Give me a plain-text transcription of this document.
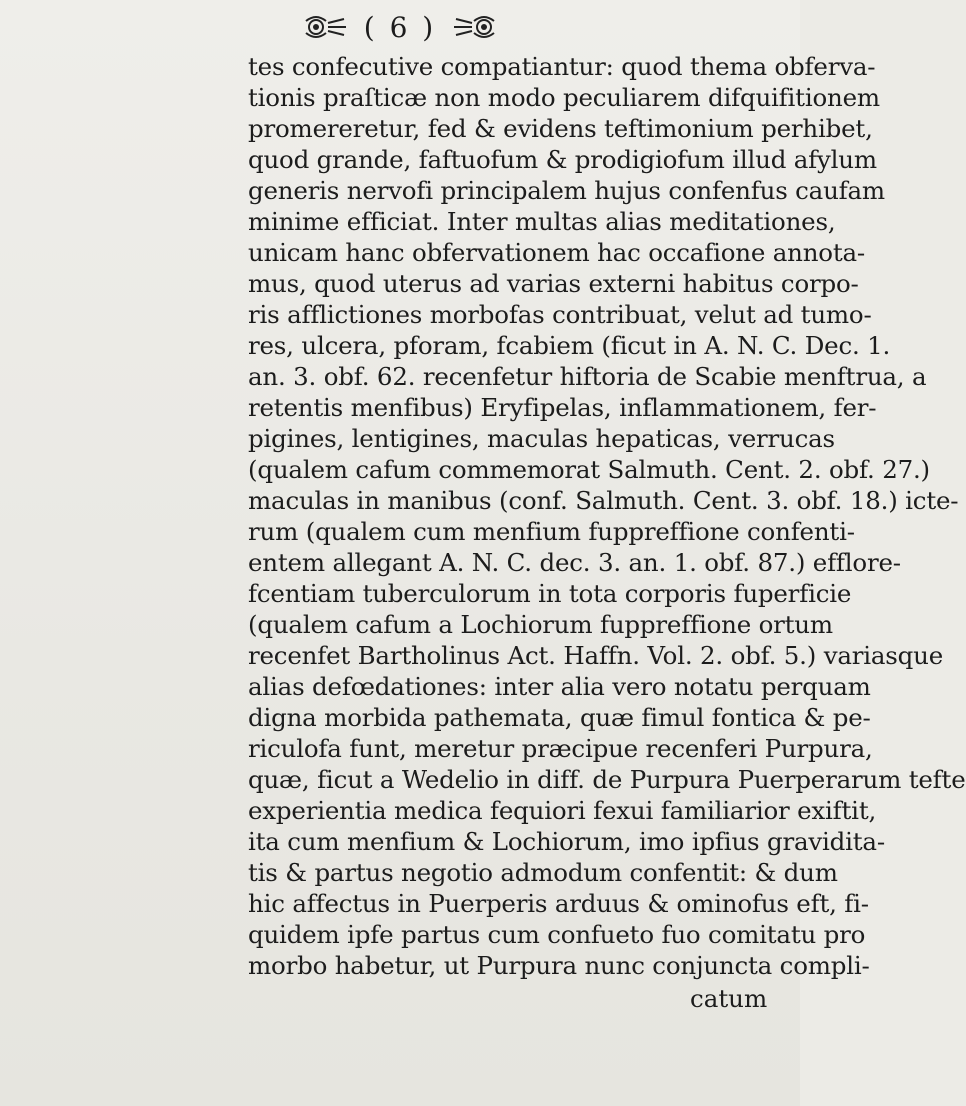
( 6 )
tes confecutive compatiantur: quod thema obferva-
tionis praſticæ non modo peculiarem difquifitionem
promereretur, fed & evidens teftimonium perhibet,
quod grande, faftuofum & prodigiofum illud afylum
generis nervofi principalem hujus confenfus caufam
minime efficiat. Inter multas alias meditationes,
unicam hanc obfervationem hac occafione annota-
mus, quod uterus ad varias externi habitus corpo-
ris afflictiones morbofas contribuat, velut ad tumo-
res, ulcera, pforam, fcabiem (ficut in A. N. C. Dec. 1.
an. 3. obf. 62. recenfetur hiftoria de Scabie menftrua, a
retentis menfibus) Eryfipelas, inflammationem, fer-
pigines, lentigines, maculas hepaticas, verrucas
(qualem cafum commemorat Salmuth. Cent. 2. obf. 27.)
maculas in manibus (conf. Salmuth. Cent. 3. obf. 18.) icte-
rum (qualem cum menfium fuppreffione confenti-
entem allegant A. N. C. dec. 3. an. 1. obf. 87.) efflore-
fcentiam tuberculorum in tota corporis fuperficie
(qualem cafum a Lochiorum fuppreffione ortum
recenfet Bartholinus Act. Haffn. Vol. 2. obf. 5.) variasque
alias defœdationes: inter alia vero notatu perquam
digna morbida pathemata, quæ fimul fontica & pe-
riculofa funt, meretur præcipue recenferi Purpura,
quæ, ficut a Wedelio in diff. de Purpura Puerperarum tefte
experientia medica fequiori fexui familiarior exiftit,
ita cum menfium & Lochiorum, imo ipfius gravidita-
tis & partus negotio admodum confentit: & dum
hic affectus in Puerperis arduus & ominofus eft, fi-
quidem ipfe partus cum confueto fuo comitatu pro
morbo habetur, ut Purpura nunc conjuncta compli-
catum
